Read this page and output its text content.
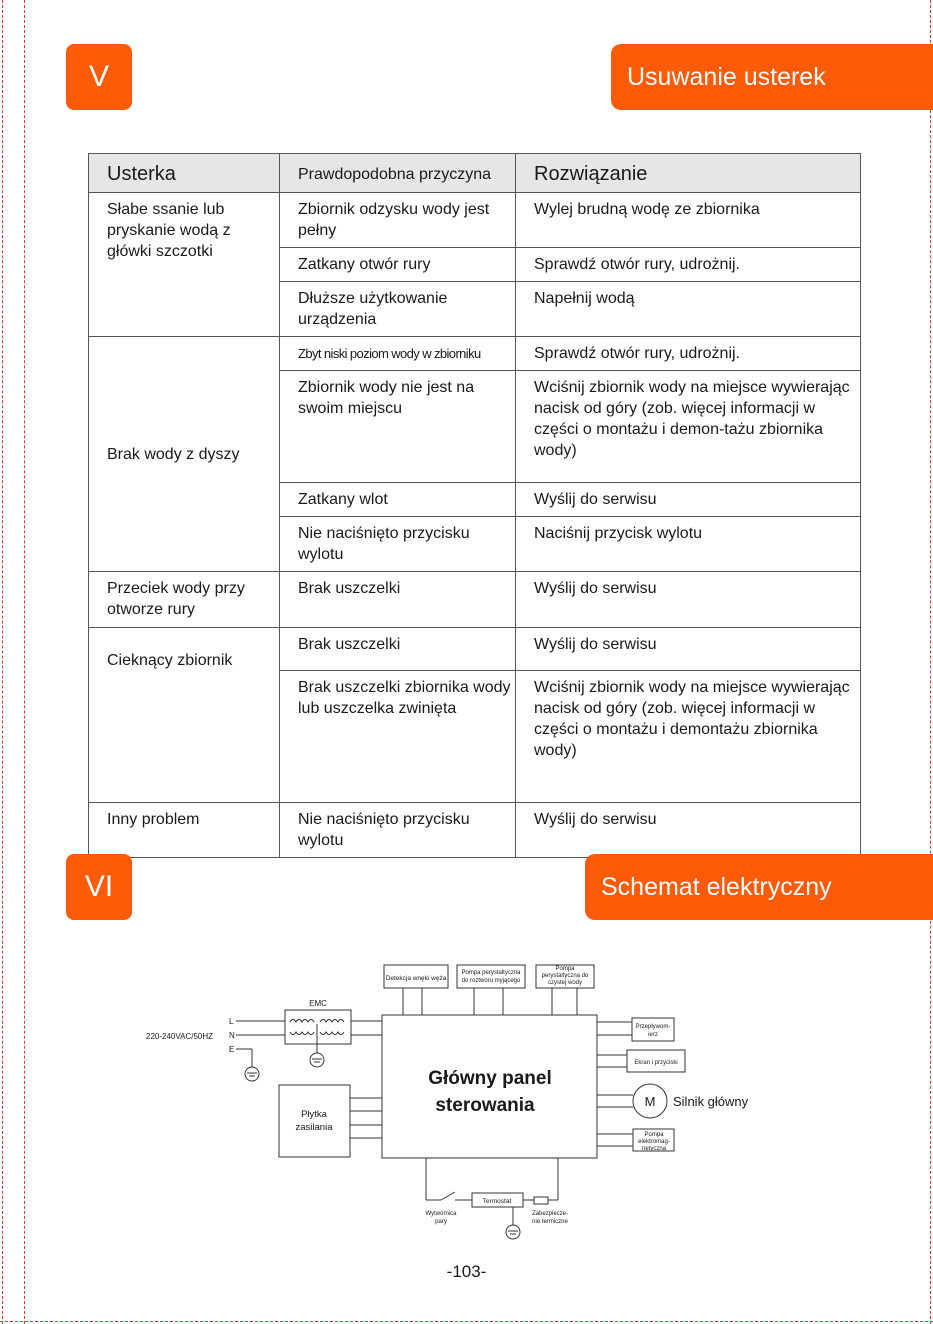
V	Usuwanie usterek
Usterka	Prawdopodobna przyczyna	Rozwiązanie
Słabe ssanie lub pryskanie wodą z główki szczotki	Zbiornik odzysku wody jest pełny	Wylej brudną wodę ze zbiornika
	Zatkany otwór rury	Sprawdź otwór rury, udrożnij.
	Dłuższe użytkowanie urządzenia	Napełnij wodą
Brak wody z dyszy	Zbyt niski poziom wody w zbiorniku	Sprawdź otwór rury, udrożnij.
	Zbiornik wody nie jest na swoim miejscu	Wciśnij zbiornik wody na miejsce wywierając nacisk od góry (zob. więcej informacji w części o montażu i demon-tażu zbiornika wody)
	Zatkany wlot	Wyślij do serwisu
	Nie naciśnięto przycisku wylotu	Naciśnij przycisk wylotu
Przeciek wody przy otworze rury	Brak uszczelki	Wyślij do serwisu
Cieknący zbiornik	Brak uszczelki	Wyślij do serwisu
	Brak uszczelki zbiornika wody lub uszczelka zwinięta	Wciśnij zbiornik wody na miejsce wywierając nacisk od góry (zob. więcej informacji w części o montażu i demontażu zbiornika wody)
Inny problem	Nie naciśnięto przycisku wylotu	Wyślij do serwisu
VI	Schemat elektryczny
Główny panel
sterowania
Detekcja wnęki węża
Pompa perystaltyczna
do roztworu myjącego
Pompa
perystaltyczna do
czystej wody
Przepływom-
ierz
Ekran i przyciski
Pompa
elektromag-
netyczna
M Silnik główny
EMC
220-240VAC/50HZ
L
N
E
Płytka
zasilania
Termostat
Wytwornica
pary
Zabezpiecze-
nie termiczne
-103-
